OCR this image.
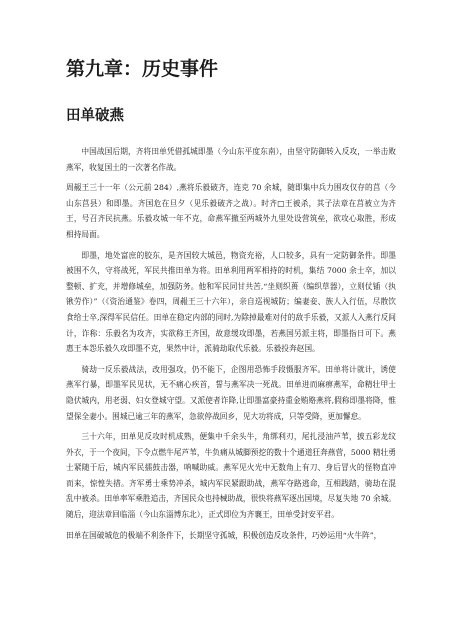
第九章：历史事件
田单破燕

中国战国后期，齐将田单凭借孤城即墨（今山东平度东南），由坚守防御转入反攻，一举击败燕军，收复国土的一次著名作战。

周赧王三十一年（公元前 284）,燕将乐毅破齐，连克 70 余城，随即集中兵力围攻仅存的莒（今山东莒县）和即墨。齐国危在旦夕（见乐毅破齐之战）。时齐□王被杀，其子法章在莒被立为齐王，号召齐民抗燕。乐毅攻城一年不克，命燕军撤至两城外九里处设营筑垒，欲攻心取胜，形成相持局面。

即墨，地处富庶的胶东，是齐国较大城邑，物资充裕，人口较多，具有一定防御条件。即墨被围不久，守将战死，军民共推田单为将。田单利用两军相持的时机，集结 7000 余士卒，加以整顿、扩充，并增修城垒，加强防务。他和军民同甘共苦,“坐则织蒉（编织草器），立则仗锸（执锹劳作）”（《资治通鉴》卷四，周赧王三十六年），亲自巡视城防；编妻妾、族人入行伍，尽散饮食给士卒,深得军民信任。田单在稳定内部的同时,为除掉最难对付的敌手乐毅，又派人入燕行反间计，诈称：乐毅名为攻齐，实欲称王齐国，故意缓攻即墨，若燕国另派主将，即墨指日可下。燕惠王本怨乐毅久攻即墨不克，果然中计，派骑劫取代乐毅。乐毅投奔赵国。

骑劫一反乐毅战法，改用强攻，仍不能下，企图用恐怖手段慑服齐军。田单将计就计，诱使燕军行暴，即墨军民见状，无不痛心疾首，誓与燕军决一死战。田单进而麻痹燕军，命精壮甲士隐伏城内，用老弱、妇女登城守望。又派使者诈降,让即墨富豪持重金贿赂燕将,假称即墨将降，惟望保全妻小。围城已逾三年的燕军，急欲停战回乡，见大功将成，只等受降，更加懈怠。

三十六年，田单见反攻时机成熟，便集中千余头牛，角绑利刃，尾扎浸油芦苇，披五彩龙纹外衣，于一个夜间，下令点燃牛尾芦苇，牛负痛从城脚预挖的数十个通道狂奔燕营，5000 精壮勇士紧随于后，城内军民擂鼓击器，呐喊助威。燕军见火光中无数角上有刀、身后冒火的怪物直冲而来，惊惶失措。齐军勇士乘势冲杀，城内军民紧跟助战，燕军夺路逃命，互相践踏，骑劫在混乱中被杀。田单率军乘胜追击，齐国民众也持械助战，很快将燕军逐出国境，尽复失地 70 余城。随后，迎法章回临淄（今山东淄博东北），正式即位为齐襄王，田单受封安平君。

田单在国破城危的极端不利条件下，长期坚守孤城，积极创造反攻条件，巧妙运用“火牛阵”，
